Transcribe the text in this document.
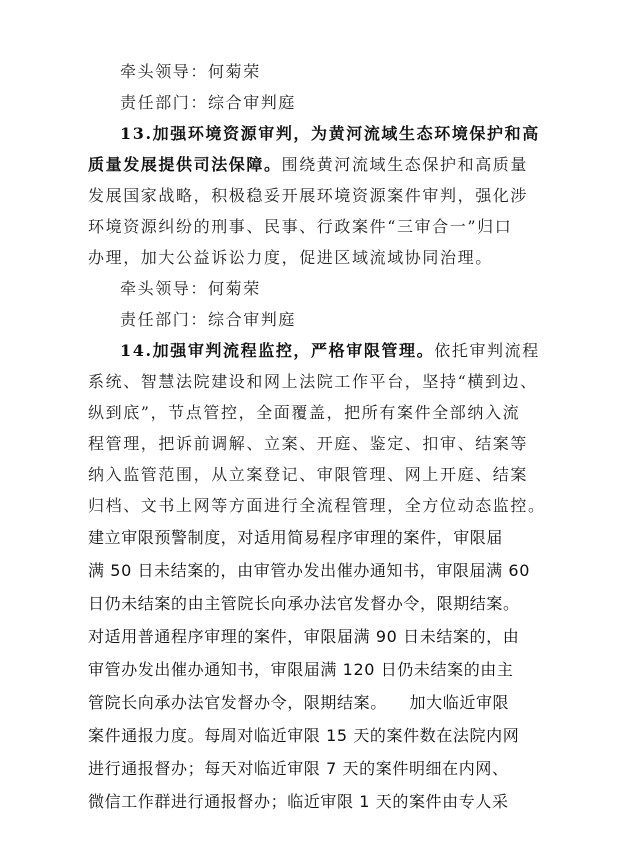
牵头领导：何菊荣
责任部门：综合审判庭
13.加强环境资源审判，为黄河流域生态环境保护和高
质量发展提供司法保障。围绕黄河流域生态保护和高质量
发展国家战略，积极稳妥开展环境资源案件审判，强化涉
环境资源纠纷的刑事、民事、行政案件“三审合一”归口
办理，加大公益诉讼力度，促进区域流域协同治理。
牵头领导：何菊荣
责任部门：综合审判庭
14.加强审判流程监控，严格审限管理。依托审判流程
系统、智慧法院建设和网上法院工作平台，坚持“横到边、
纵到底”，节点管控，全面覆盖，把所有案件全部纳入流
程管理，把诉前调解、立案、开庭、鉴定、扣审、结案等
纳入监管范围，从立案登记、审限管理、网上开庭、结案
归档、文书上网等方面进行全流程管理，全方位动态监控。
建立审限预警制度，对适用简易程序审理的案件，审限届
满 50 日未结案的，由审管办发出催办通知书，审限届满 60
日仍未结案的由主管院长向承办法官发督办令，限期结案。
对适用普通程序审理的案件，审限届满 90 日未结案的，由
审管办发出催办通知书，审限届满 120 日仍未结案的由主
管院长向承办法官发督办令，限期结案。    加大临近审限
案件通报力度。每周对临近审限 15 天的案件数在法院内网
进行通报督办；每天对临近审限 7 天的案件明细在内网、
微信工作群进行通报督办；临近审限 1 天的案件由专人采
